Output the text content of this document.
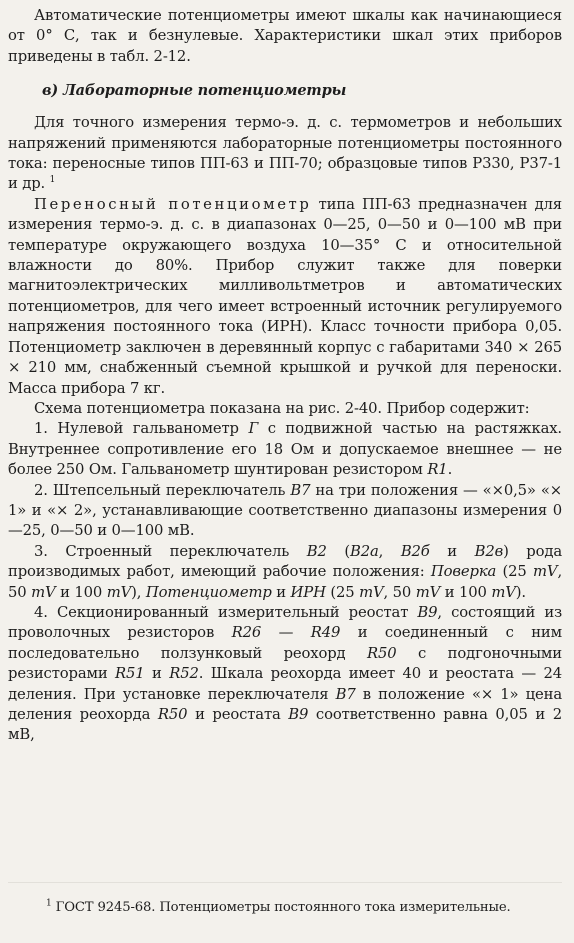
Автоматические потенциометры имеют шкалы как начинающиеся от 0° С, так и безнулевые. Характеристики шкал этих приборов приведены в табл. 2-12.

в) Лабораторные потенциометры

Для точного измерения термо-э. д. с. термометров и небольших напряжений применяются лабораторные потенциометры постоянного тока: переносные типов ПП-63 и ПП-70; образцовые типов Р330, Р37-1 и др. $^1$

Переносный потенциометр типа ПП-63 предназначен для измерения термо-э. д. с. в диапазонах 0—25, 0—50 и 0—100 мВ при температуре окружающего воздуха 10—35° С и относительной влажности до 80%. Прибор служит также для поверки магнитоэлектрических милливольтметров и автоматических потенциометров, для чего имеет встроенный источник регулируемого напряжения постоянного тока (ИРН). Класс точности прибора 0,05. Потенциометр заключен в деревянный корпус с габаритами 340 × 265 × 210 мм, снабженный съемной крышкой и ручкой для переноски. Масса прибора 7 кг.

Схема потенциометра показана на рис. 2-40. Прибор содержит:

1. Нулевой гальванометр Г с подвижной частью на растяжках. Внутреннее сопротивление его 18 Ом и допускаемое внешнее — не более 250 Ом. Гальванометр шунтирован резистором R1.

2. Штепсельный переключатель В7 на три положения — «×0,5» «× 1» и «× 2», устанавливающие соответственно диапазоны измерения 0—25, 0—50 и 0—100 мВ.

3. Строенный переключатель В2 (В2а, В2б и В2в) рода производимых работ, имеющий рабочие положения: Поверка (25 mV, 50 mV и 100 mV), Потенциометр и ИРН (25 mV, 50 mV и 100 mV).

4. Секционированный измерительный реостат В9, состоящий из проволочных резисторов R26 — R49 и соединенный с ним последовательно ползунковый реохорд R50 с подгоночными резисторами R51 и R52. Шкала реохорда имеет 40 и реостата — 24 деления. При установке переключателя В7 в положение «× 1» цена деления реохорда R50 и реостата В9 соответственно равна 0,05 и 2 мВ,

$^1$ ГОСТ 9245-68. Потенциометры постоянного тока измерительные.
